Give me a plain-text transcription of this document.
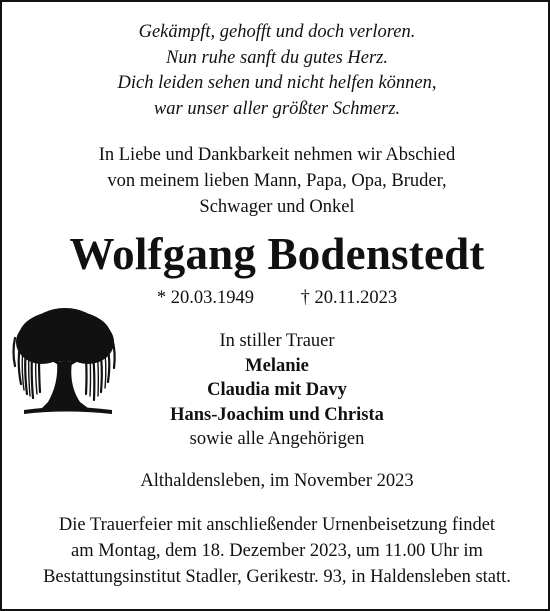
Gekämpft, gehofft und doch verloren.
Nun ruhe sanft du gutes Herz.
Dich leiden sehen und nicht helfen können,
war unser aller größter Schmerz.
In Liebe und Dankbarkeit nehmen wir Abschied
von meinem lieben Mann, Papa, Opa, Bruder,
Schwager und Onkel
Wolfgang Bodenstedt
* 20.03.1949	† 20.11.2023
In stiller Trauer
Melanie
Claudia mit Davy
Hans-Joachim und Christa
sowie alle Angehörigen
Althaldensleben, im November 2023
Die Trauerfeier mit anschließender Urnenbeisetzung findet
am Montag, dem 18. Dezember 2023, um 11.00 Uhr im
Bestattungsinstitut Stadler, Gerikestr. 93, in Haldensleben statt.
